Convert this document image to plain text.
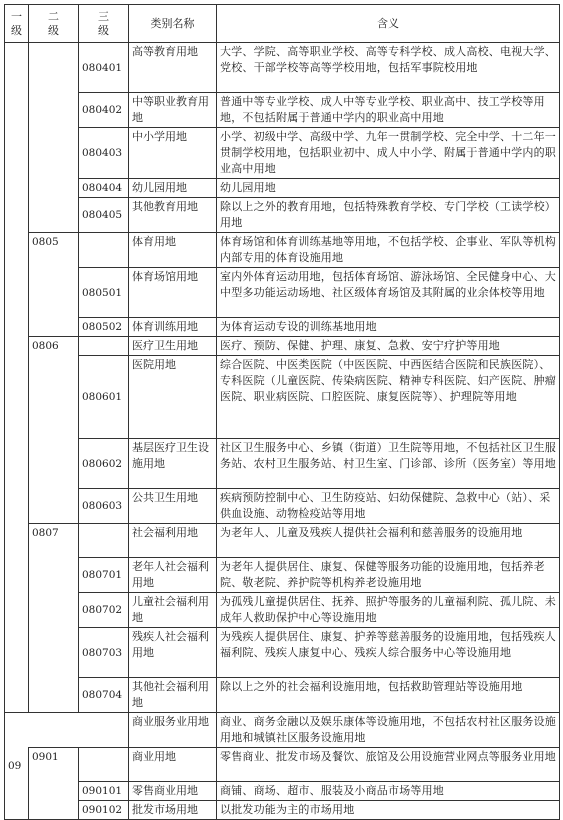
一级	二级	三级	类别名称	含义
		080401	高等教育用地	大学、学院、高等职业学校、高等专科学校、成人高校、电视大学、党校、干部学校等高等学校用地，包括军事院校用地
		080402	中等职业教育用地	普通中等专业学校、成人中等专业学校、职业高中、技工学校等用地，不包括附属于普通中学内的职业高中用地
		080403	中小学用地	小学、初级中学、高级中学、九年一贯制学校、完全中学、十二年一贯制学校用地，包括职业初中、成人中小学、附属于普通中学内的职业高中用地
		080404	幼儿园用地	幼儿园用地
		080405	其他教育用地	除以上之外的教育用地，包括特殊教育学校、专门学校（工读学校）用地
	0805		体育用地	体育场馆和体育训练基地等用地，不包括学校、企事业、军队等机构内部专用的体育设施用地
		080501	体育场馆用地	室内外体育运动用地，包括体育场馆、游泳场馆、全民健身中心、大中型多功能运动场地、社区级体育场馆及其附属的业余体校等用地
		080502	体育训练用地	为体育运动专设的训练基地用地
	0806		医疗卫生用地	医疗、预防、保健、护理、康复、急救、安宁疗护等用地
		080601	医院用地	综合医院、中医类医院（中医医院、中西医结合医院和民族医院）、专科医院（儿童医院、传染病医院、精神专科医院、妇产医院、肿瘤医院、职业病医院、口腔医院、康复医院等）、护理院等用地
		080602	基层医疗卫生设施用地	社区卫生服务中心、乡镇（街道）卫生院等用地，不包括社区卫生服务站、农村卫生服务站、村卫生室、门诊部、诊所（医务室）等用地
		080603	公共卫生用地	疾病预防控制中心、卫生防疫站、妇幼保健院、急救中心（站）、采供血设施、动物检疫站等用地
	0807		社会福利用地	为老年人、儿童及残疾人提供社会福利和慈善服务的设施用地
		080701	老年人社会福利用地	为老年人提供居住、康复、保健等服务功能的设施用地，包括养老院、敬老院、养护院等机构养老设施用地
		080702	儿童社会福利用地	为孤残儿童提供居住、抚养、照护等服务的儿童福利院、孤儿院、未成年人救助保护中心等设施用地
		080703	残疾人社会福利用地	为残疾人提供居住、康复、护养等慈善服务的设施用地，包括残疾人福利院、残疾人康复中心、残疾人综合服务中心等设施用地
		080704	其他社会福利用地	除以上之外的社会福利设施用地，包括救助管理站等设施用地
09			商业服务业用地	商业、商务金融以及娱乐康体等设施用地，不包括农村社区服务设施用地和城镇社区服务设施用地
	0901		商业用地	零售商业、批发市场及餐饮、旅馆及公用设施营业网点等服务业用地
		090101	零售商业用地	商铺、商场、超市、服装及小商品市场等用地
		090102	批发市场用地	以批发功能为主的市场用地
